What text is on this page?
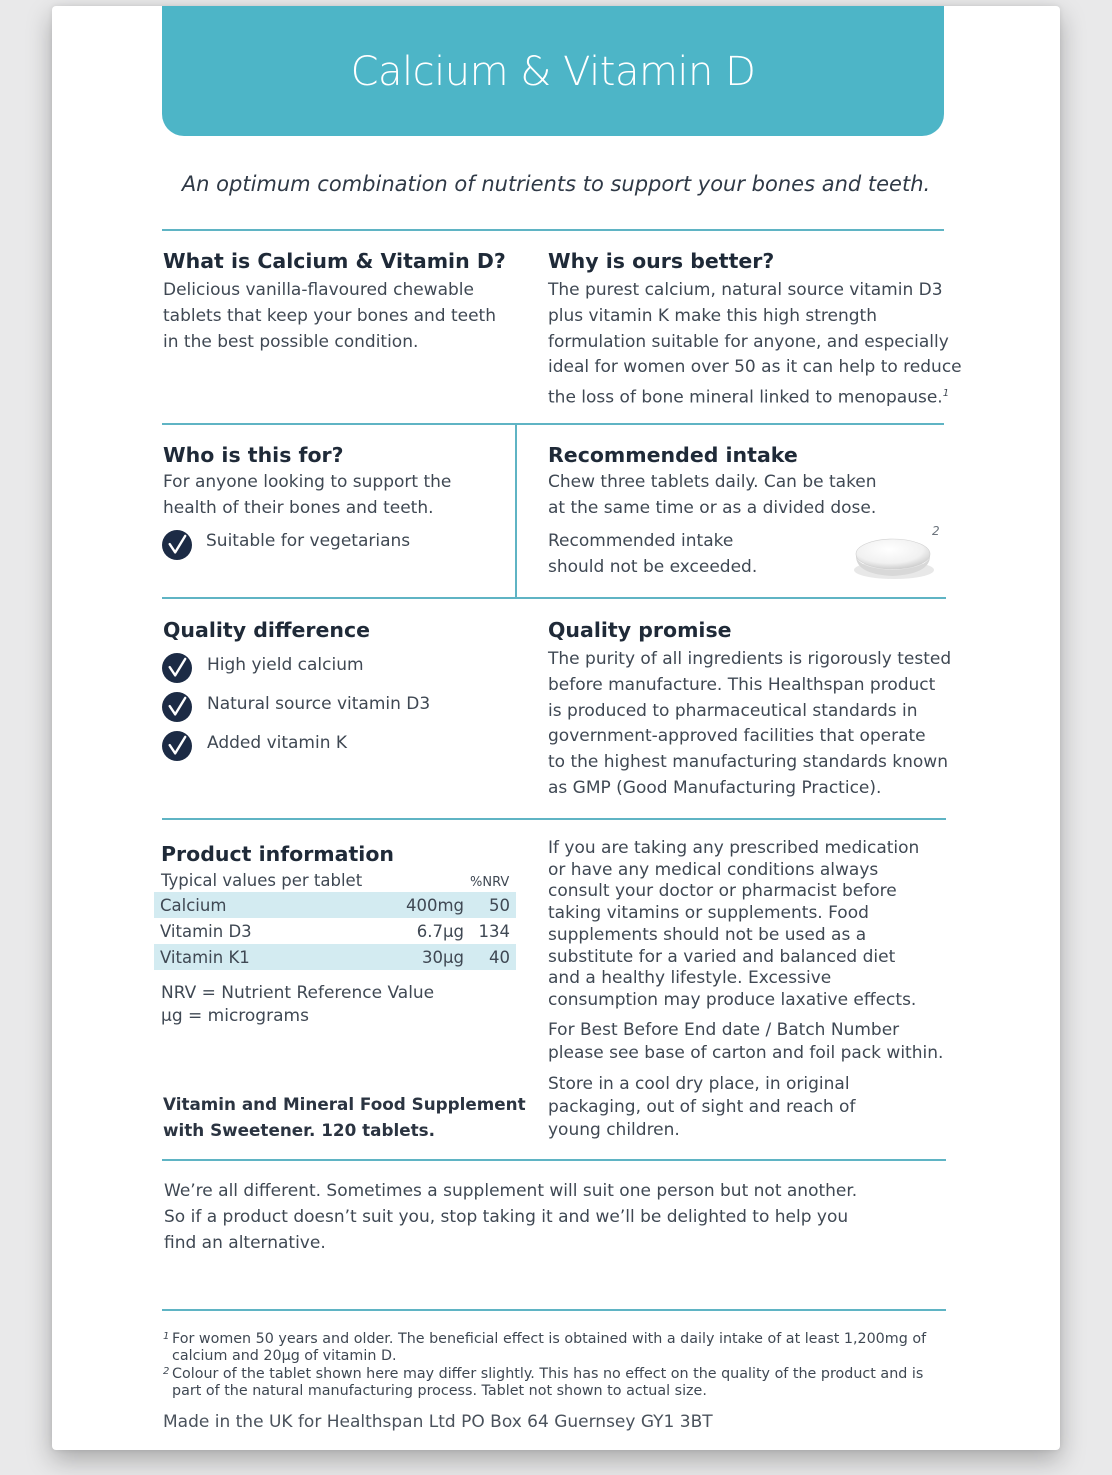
Calcium & Vitamin D
An optimum combination of nutrients to support your bones and teeth.
What is Calcium & Vitamin D?
Delicious vanilla-flavoured chewable
tablets that keep your bones and teeth
in the best possible condition.
Why is ours better?
The purest calcium, natural source vitamin D3
plus vitamin K make this high strength
formulation suitable for anyone, and especially
ideal for women over 50 as it can help to reduce
the loss of bone mineral linked to menopause.$^1$
Who is this for?
For anyone looking to support the
health of their bones and teeth.
Suitable for vegetarians
Recommended intake
Chew three tablets daily. Can be taken
at the same time or as a divided dose.
Recommended intake
should not be exceeded.
2
Quality difference
High yield calcium
Natural source vitamin D3
Added vitamin K
Quality promise
The purity of all ingredients is rigorously tested
before manufacture. This Healthspan product
is produced to pharmaceutical standards in
government-approved facilities that operate
to the highest manufacturing standards known
as GMP (Good Manufacturing Practice).
Product information
Typical values per tablet	%NRV
Calcium	400mg	50
Vitamin D3	6.7µg	134
Vitamin K1	30µg	40
NRV = Nutrient Reference Value
µg = micrograms
Vitamin and Mineral Food Supplement
with Sweetener. 120 tablets.
If you are taking any prescribed medication
or have any medical conditions always
consult your doctor or pharmacist before
taking vitamins or supplements. Food
supplements should not be used as a
substitute for a varied and balanced diet
and a healthy lifestyle. Excessive
consumption may produce laxative effects.
For Best Before End date / Batch Number
please see base of carton and foil pack within.
Store in a cool dry place, in original
packaging, out of sight and reach of
young children.
We’re all different. Sometimes a supplement will suit one person but not another.
So if a product doesn’t suit you, stop taking it and we’ll be delighted to help you
find an alternative.
1 For women 50 years and older. The beneficial effect is obtained with a daily intake of at least 1,200mg of
calcium and 20µg of vitamin D.
2 Colour of the tablet shown here may differ slightly. This has no effect on the quality of the product and is
part of the natural manufacturing process. Tablet not shown to actual size.
Made in the UK for Healthspan Ltd PO Box 64 Guernsey GY1 3BT
